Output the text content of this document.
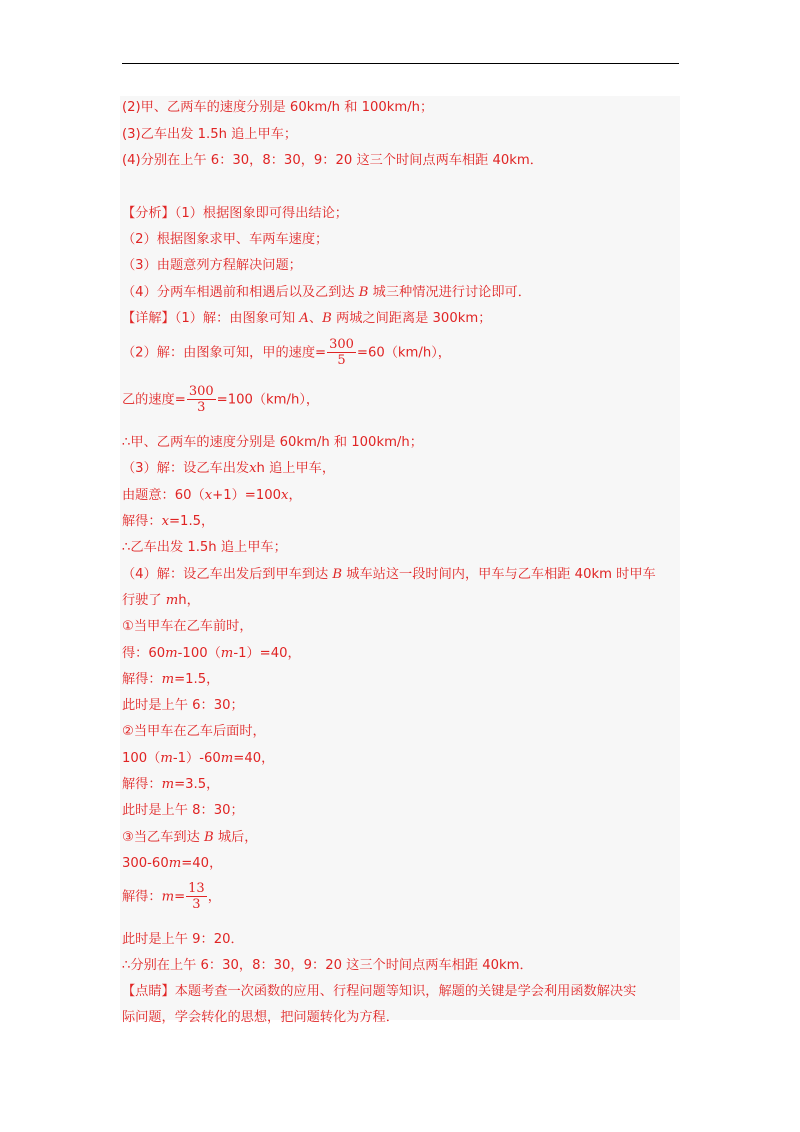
(2)甲、乙两车的速度分别是 60km/h 和 100km/h；
(3)乙车出发 1.5h 追上甲车；
(4)分别在上午 6：30，8：30，9：20 这三个时间点两车相距 40km．
【分析】（1）根据图象即可得出结论；
（2）根据图象求甲、车两车速度；
（3）由题意列方程解决问题；
（4）分两车相遇前和相遇后以及乙到达 B 城三种情况进行讨论即可．
【详解】（1）解：由图象可知 A、B 两城之间距离是 300km；
（2）解：由图象可知，甲的速度= $\frac{300}{5} =60(km/h)$，
乙的速度= $\frac{300}{3} =100(km/h)$，
∴甲、乙两车的速度分别是 60km/h 和 100km/h；
（3）解：设乙车出发xh 追上甲车，
由题意：60（x+1）=100x，
解得：x=1.5，
∴乙车出发 1.5h 追上甲车；
（4）解：设乙车出发后到甲车到达 B 城车站这一段时间内，甲车与乙车相距 40km 时甲车
行驶了 mh，
①当甲车在乙车前时，
得：60m-100（m-1）=40，
解得：m=1.5，
此时是上午 6：30；
②当甲车在乙车后面时，
100（m-1）-60m=40，
解得：m=3.5，
此时是上午 8：30；
③当乙车到达 B 城后，
300-60m=40，
解得：$m= \frac{13}{3}$ ，
此时是上午 9：20．
∴分别在上午 6：30，8：30，9：20 这三个时间点两车相距 40km．
【点睛】本题考查一次函数的应用、行程问题等知识，解题的关键是学会利用函数解决实
际问题，学会转化的思想，把问题转化为方程．
